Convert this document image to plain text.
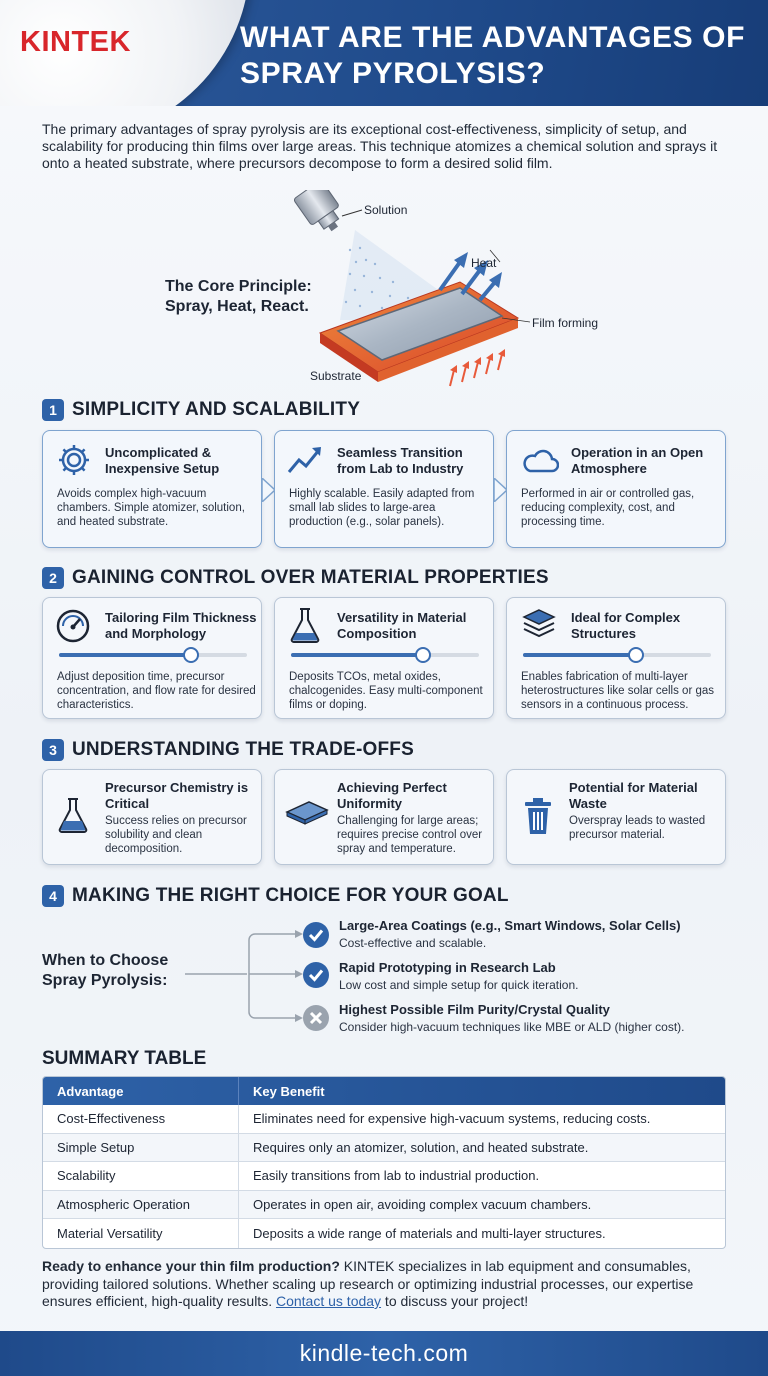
KINTEK	WHAT ARE THE ADVANTAGES OF SPRAY PYROLYSIS?
The primary advantages of spray pyrolysis are its exceptional cost-effectiveness, simplicity of setup, and scalability for producing thin films over large areas. This technique atomizes a chemical solution and sprays it onto a heated substrate, where precursors decompose to form a desired solid film.
The Core Principle:
Spray, Heat, React.
Solution
Heat
Film forming
Substrate
1 SIMPLICITY AND SCALABILITY
Uncomplicated & Inexpensive Setup
Avoids complex high-vacuum chambers. Simple atomizer, solution, and heated substrate.
Seamless Transition from Lab to Industry
Highly scalable. Easily adapted from small lab slides to large-area production (e.g., solar panels).
Operation in an Open Atmosphere
Performed in air or controlled gas, reducing complexity, cost, and processing time.
2 GAINING CONTROL OVER MATERIAL PROPERTIES
Tailoring Film Thickness and Morphology
Adjust deposition time, precursor concentration, and flow rate for desired characteristics.
Versatility in Material Composition
Deposits TCOs, metal oxides, chalcogenides. Easy multi-component films or doping.
Ideal for Complex Structures
Enables fabrication of multi-layer heterostructures like solar cells or gas sensors in a continuous process.
3 UNDERSTANDING THE TRADE-OFFS
Precursor Chemistry is Critical
Success relies on precursor solubility and clean decomposition.
Achieving Perfect Uniformity
Challenging for large areas; requires precise control over spray and temperature.
Potential for Material Waste
Overspray leads to wasted precursor material.
4 MAKING THE RIGHT CHOICE FOR YOUR GOAL
When to Choose
Spray Pyrolysis:
Large-Area Coatings (e.g., Smart Windows, Solar Cells)
Cost-effective and scalable.
Rapid Prototyping in Research Lab
Low cost and simple setup for quick iteration.
Highest Possible Film Purity/Crystal Quality
Consider high-vacuum techniques like MBE or ALD (higher cost).
SUMMARY TABLE
Advantage	Key Benefit
Cost-Effectiveness	Eliminates need for expensive high-vacuum systems, reducing costs.
Simple Setup	Requires only an atomizer, solution, and heated substrate.
Scalability	Easily transitions from lab to industrial production.
Atmospheric Operation	Operates in open air, avoiding complex vacuum chambers.
Material Versatility	Deposits a wide range of materials and multi-layer structures.
Ready to enhance your thin film production? KINTEK specializes in lab equipment and consumables, providing tailored solutions. Whether scaling up research or optimizing industrial processes, our expertise ensures efficient, high-quality results. Contact us today to discuss your project!
kindle-tech.com
